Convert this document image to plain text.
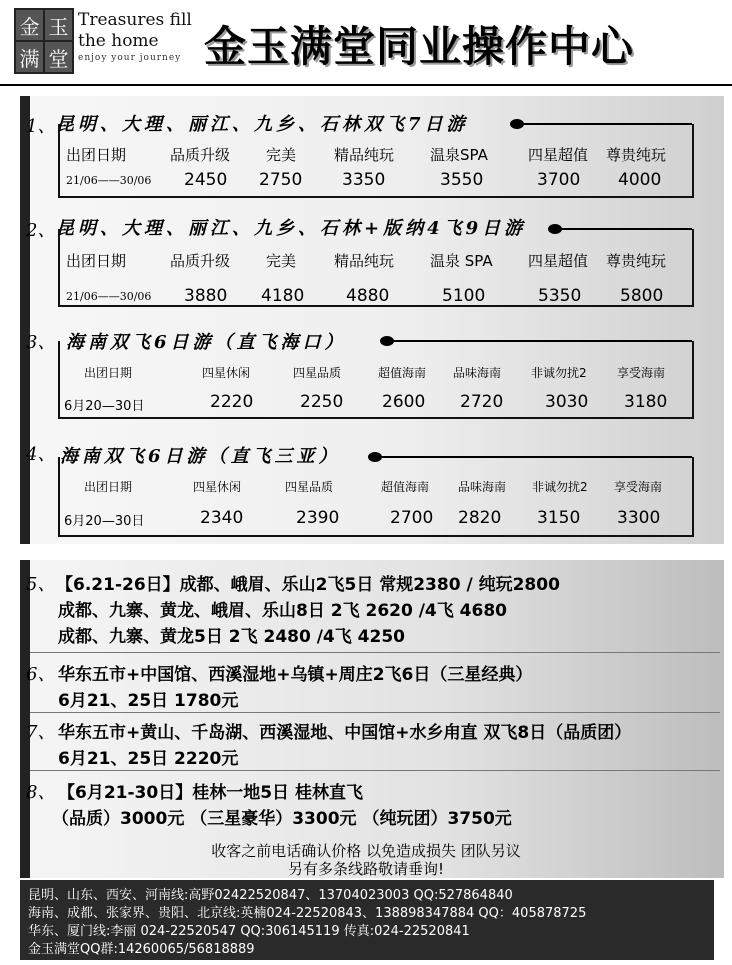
金 玉
满 堂
Treasures fill
the home
enjoy your journey 金玉满堂同业操作中心
1、 昆明、大理、丽江、九乡、石林双飞7日游
出团日期	品质升级 完美	精品纯玩 温泉SPA	四星超值 尊贵纯玩
21/06——30/06 2450 2750 3350	3550	3700 4000
2、 昆明、大理、丽江、九乡、石林+版纳4飞9日游
出团日期	品质升级 完美	精品纯玩 温泉 SPA 四星超值 尊贵纯玩
21/06——30/06 3880 4180 4880	5100	5350 5800
3、 海南双飞6日游（直飞海口）
出团日期	四星休闲	四星品质	超值海南 品味海南 非诚勿扰2	享受海南
6月20—30日	2220	2250 2600 2720 3030 3180
4、 海南双飞6日游（直飞三亚）
出团日期	四星休闲	四星品质	超值海南 品味海南 非诚勿扰2 享受海南
6月20—30日	2340	2390	2700 2820 3150 3300
5、 【6.21-26日】成都、峨眉、乐山2飞5日 常规2380 / 纯玩2800
成都、九寨、黄龙、峨眉、乐山8日 2飞 2620 /4飞 4680
成都、九寨、黄龙5日 2飞 2480 /4飞 4250
6、 华东五市+中国馆、西溪湿地+乌镇+周庄2飞6日（三星经典）
6月21、25日 1780元
7、 华东五市+黄山、千岛湖、西溪湿地、中国馆+水乡甪直 双飞8日（品质团）
6月21、25日 2220元
8、 【6月21-30日】桂林一地5日 桂林直飞
（品质）3000元 （三星豪华）3300元 （纯玩团）3750元
收客之前电话确认价格 以免造成损失 团队另议
另有多条线路敬请垂询!
昆明、山东、西安、河南线:高野02422520847、13704023003 QQ:527864840
海南、成都、张家界、贵阳、北京线:英楠024-22520843、138898347884 QQ：405878725
华东、厦门线:李丽 024-22520547 QQ:306145119 传真:024-22520841
金玉满堂QQ群:14260065/56818889
